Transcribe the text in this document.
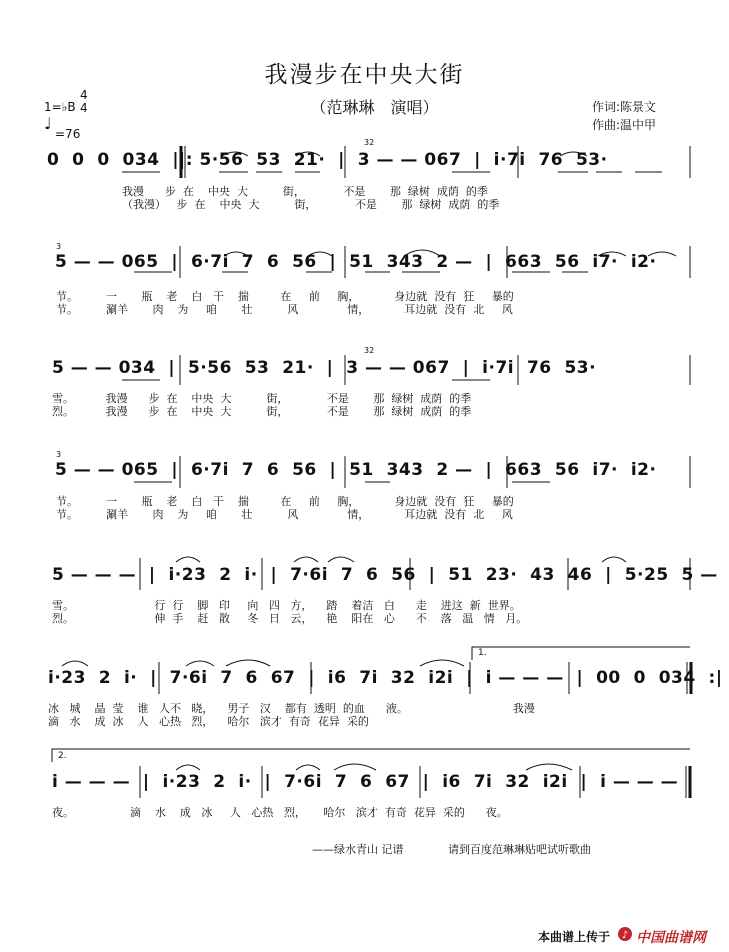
我漫步在中央大街
（范琳琳　演唱）
1=♭B
4
4
♩
=76
作词:陈景文
作曲:温中甲
0  0  0  034  ||: 5·56  53  21·  |  3 — — 067  |  i·7i  76  53·
32
我漫      步  在    中央  大          街，           不是       那  绿树  成荫  的季
（我漫）   步  在    中央  大          街，           不是       那  绿树  成荫  的季
5 — — 065  |  6·7i  7  6  56  |  51  343  2 —  |  663  56  i7·  i2·
3
节。        一       瓶    老    白   干    揣         在     前     胸，          身边就  没有  狂     暴的
节。        涮羊       肉    为     咱       壮          风              情，          耳边就  没有  北     风
5 — — 034  |  5·56  53  21·  |  3 — — 067  |  i·7i  76  53·
32
雪。         我漫      步  在    中央  大          街，           不是       那  绿树  成荫  的季
烈。         我漫      步  在    中央  大          街，           不是       那  绿树  成荫  的季
5 — — 065  |  6·7i  7  6  56  |  51  343  2 —  |  663  56  i7·  i2·
3
节。        一       瓶    老    白   干    揣         在     前     胸，          身边就  没有  狂     暴的
节。        涮羊       肉    为     咱       壮          风              情，          耳边就  没有  北     风
5 — — —  |  i·23  2  i·  |  7·6i  7  6  56  |  51  23·  43  46  |  5·25  5 —
雪。                       行  行    脚   印     向   四   方，    踏    着洁   白      走    进这  新  世界。
烈。                       伸  手    赶   散     冬   日   云，    艳    阳在   心      不    落   温   情   月。
i·23  2  i·  |  7·6i  7  6  67  |  i6  7i  32  i2i  |  i — — —  |  00  0  034  :|
1.
冰   城    晶  莹    谁   人不   晓，    男子   汉    都有  透明  的血      液。                              我漫
滴   水    成  冰    人   心热   烈，    哈尔   滨才  有奇  花异  采的
i — — —  |  i·23  2  i·  |  7·6i  7  6  67  |  i6  7i  32  i2i  |  i — — —
2.
夜。                滴    水    成   冰     人   心热   烈，     哈尔   滨才  有奇  花异  采的      夜。
——绿水青山 记谱	请到百度范琳琳贴吧试听歌曲
本曲谱上传于 ♪ 中国曲谱网
